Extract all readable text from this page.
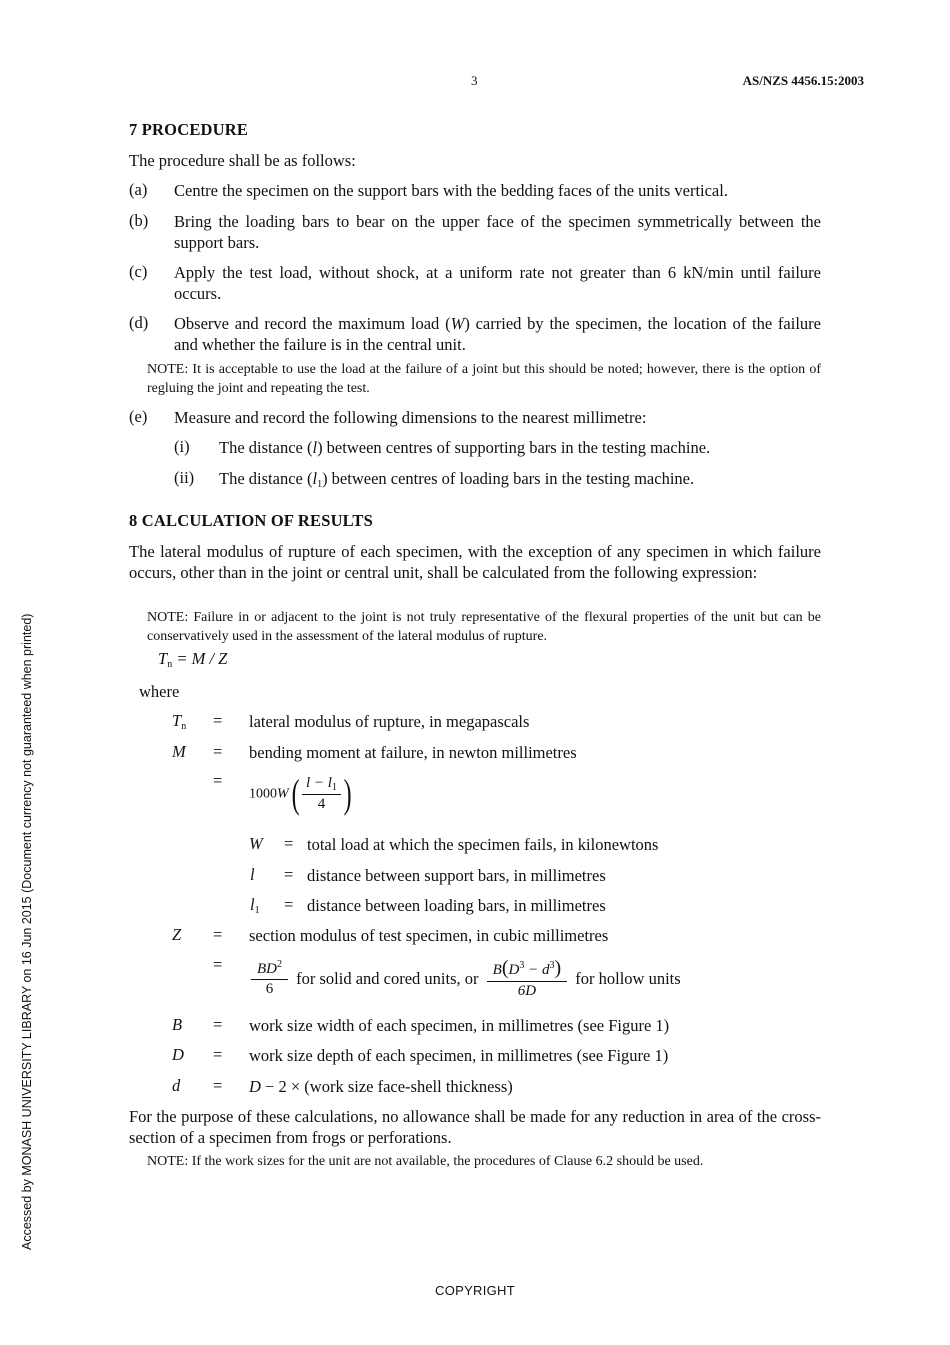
3	AS/NZS 4456.15:2003
7 PROCEDURE
The procedure shall be as follows:
(a) Centre the specimen on the support bars with the bedding faces of the units vertical.
(b) Bring the loading bars to bear on the upper face of the specimen symmetrically between the support bars.
(c) Apply the test load, without shock, at a uniform rate not greater than 6 kN/min until failure occurs.
(d) Observe and record the maximum load (W) carried by the specimen, the location of the failure and whether the failure is in the central unit.
NOTE: It is acceptable to use the load at the failure of a joint but this should be noted; however, there is the option of regluing the joint and repeating the test.
(e) Measure and record the following dimensions to the nearest millimetre:
(i) The distance (l) between centres of supporting bars in the testing machine.
(ii) The distance $(l_1)$ between centres of loading bars in the testing machine.
8 CALCULATION OF RESULTS
The lateral modulus of rupture of each specimen, with the exception of any specimen in which failure occurs, other than in the joint or central unit, shall be calculated from the following expression:
NOTE: Failure in or adjacent to the joint is not truly representative of the flexural properties of the unit but can be conservatively used in the assessment of the lateral modulus of rupture.
$T_n = M / Z$
where
$T_n$ = lateral modulus of rupture, in megapascals
M = bending moment at failure, in newton millimetres
=
$1000W( \frac{l - l_1}{4}$ )
W = total load at which the specimen fails, in kilonewtons
l = distance between support bars, in millimetres
$l_1$ = distance between loading bars, in millimetres
Z = section modulus of test specimen, in cubic millimetres
= $\frac{BD^2}{6}$ for solid and cored units, or $\frac{B(D^3 - d^3)}{6D}$ for hollow units
B = work size width of each specimen, in millimetres (see Figure 1)
D = work size depth of each specimen, in millimetres (see Figure 1)
d = D − 2 × (work size face-shell thickness)
For the purpose of these calculations, no allowance shall be made for any reduction in area of the cross-section of a specimen from frogs or perforations.
NOTE: If the work sizes for the unit are not available, the procedures of Clause 6.2 should be used.
Accessed by MONASH UNIVERSITY LIBRARY on 16 Jun 2015 (Document currency not guaranteed when printed)
COPYRIGHT
